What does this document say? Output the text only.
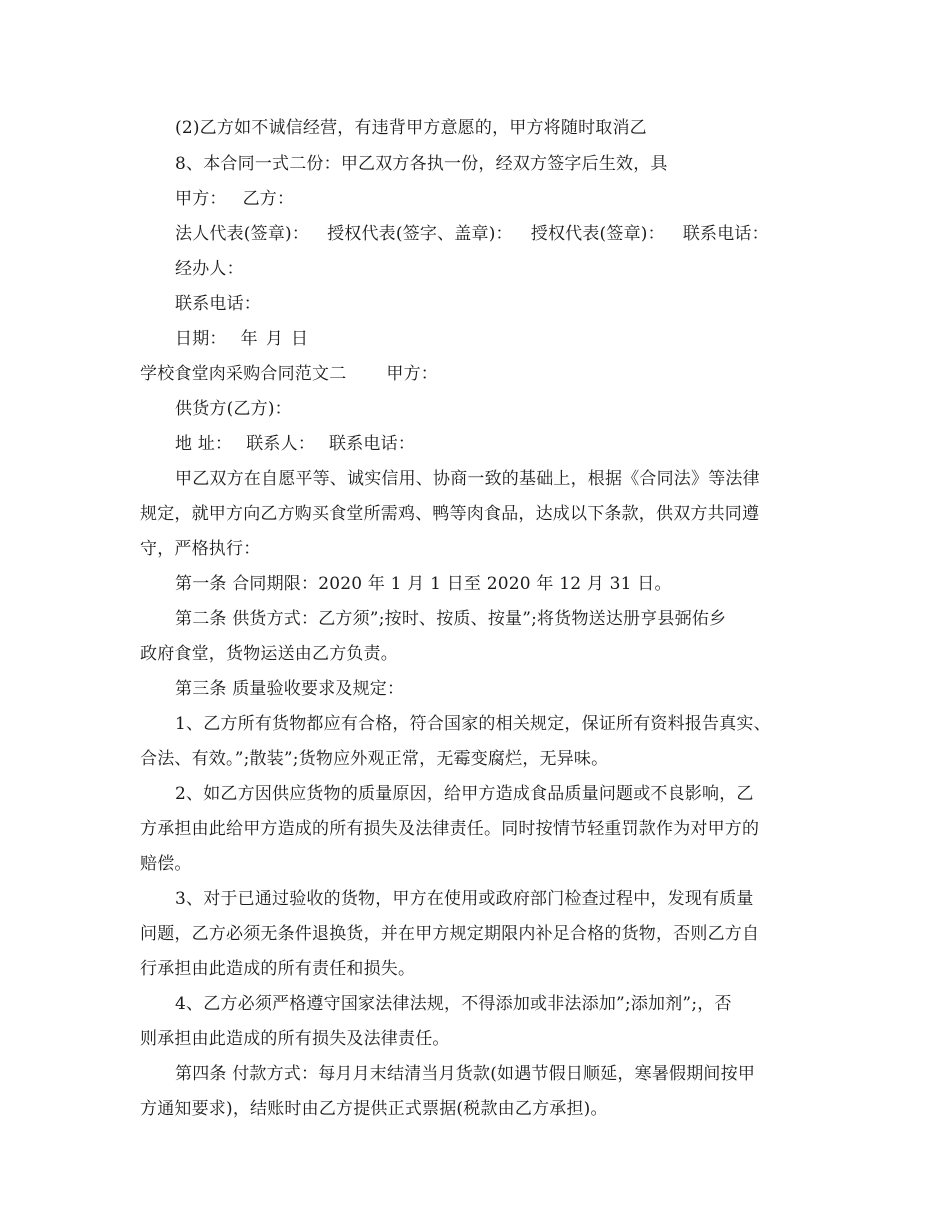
(2)乙方如不诚信经营，有违背甲方意愿的，甲方将随时取消乙
8、本合同一式二份：甲乙双方各执一份，经双方签字后生效，具
甲方： 乙方：
法人代表(签章)： 授权代表(签字、盖章)： 授权代表(签章)： 联系电话：
经办人：
联系电话：
日期： 年 月 日
学校食堂肉采购合同范文二 甲方：
供货方(乙方)：
地 址： 联系人： 联系电话：
甲乙双方在自愿平等、诚实信用、协商一致的基础上，根据《合同法》等法律
规定，就甲方向乙方购买食堂所需鸡、鸭等肉食品，达成以下条款，供双方共同遵
守，严格执行：
第一条 合同期限：2020 年 1 月 1 日至 2020 年 12 月 31 日。
第二条 供货方式：乙方须”;按时、按质、按量”;将货物送达册亨县弼佑乡
政府食堂，货物运送由乙方负责。
第三条 质量验收要求及规定：
1、乙方所有货物都应有合格，符合国家的相关规定，保证所有资料报告真实、
合法、有效。”;散装”;货物应外观正常，无霉变腐烂，无异味。
2、如乙方因供应货物的质量原因，给甲方造成食品质量问题或不良影响，乙
方承担由此给甲方造成的所有损失及法律责任。同时按情节轻重罚款作为对甲方的
赔偿。
3、对于已通过验收的货物，甲方在使用或政府部门检查过程中，发现有质量
问题，乙方必须无条件退换货，并在甲方规定期限内补足合格的货物，否则乙方自
行承担由此造成的所有责任和损失。
4、乙方必须严格遵守国家法律法规，不得添加或非法添加”;添加剂”;，否
则承担由此造成的所有损失及法律责任。
第四条 付款方式：每月月末结清当月货款(如遇节假日顺延，寒暑假期间按甲
方通知要求)，结账时由乙方提供正式票据(税款由乙方承担)。
